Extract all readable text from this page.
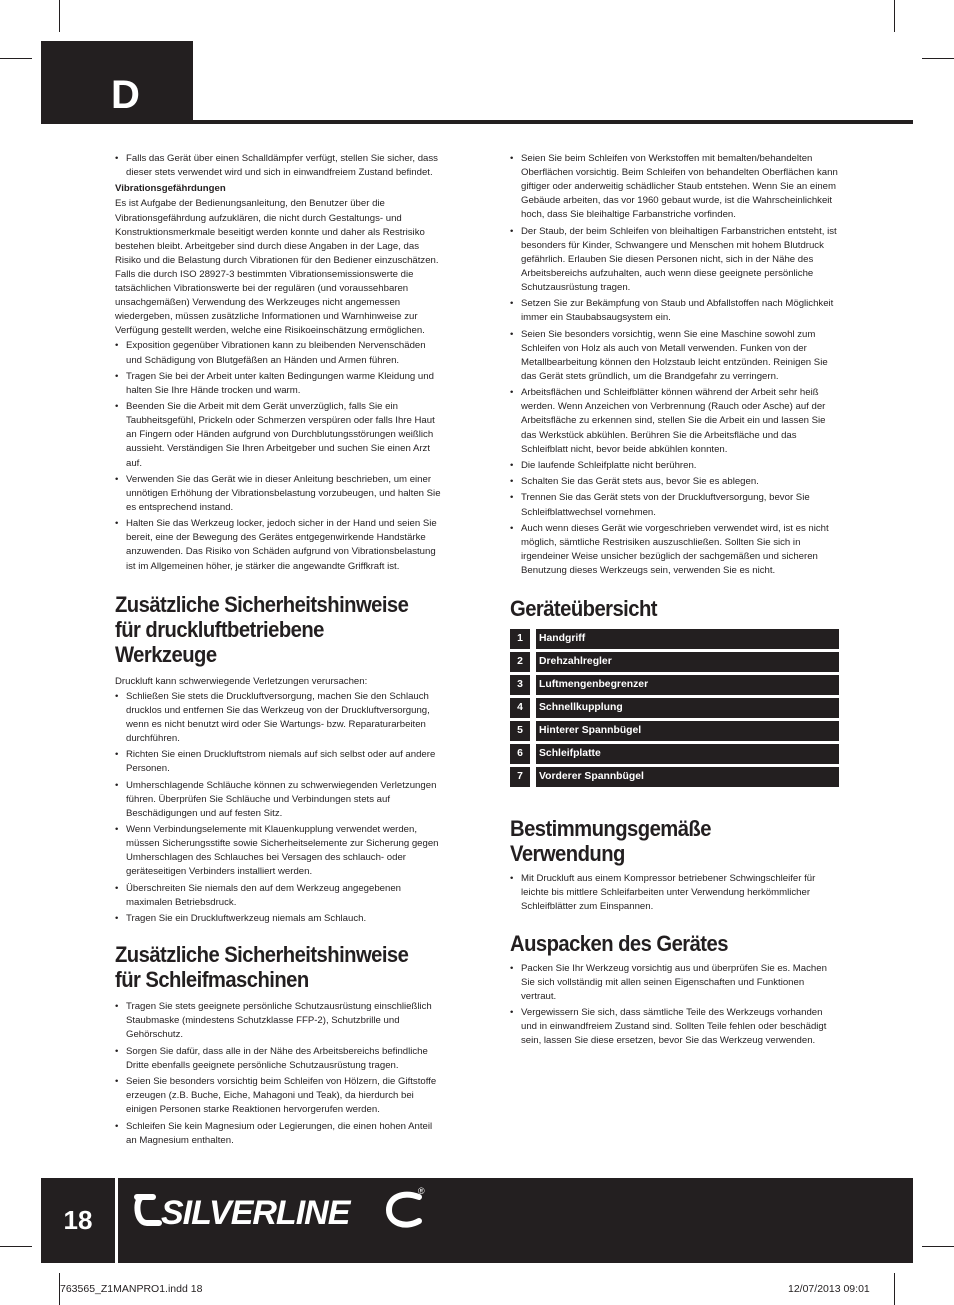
D
• Falls das Gerät über einen Schalldämpfer verfügt, stellen Sie sicher, dass dieser stets verwendet wird und sich in einwandfreiem Zustand befindet.

Vibrationsgefährdungen

Es ist Aufgabe der Bedienungsanleitung, den Benutzer über die Vibrationsgefährdung aufzuklären, die nicht durch Gestaltungs- und Konstruktionsmerkmale beseitigt werden konnte und daher als Restrisiko bestehen bleibt. Arbeitgeber sind durch diese Angaben in der Lage, das Risiko und die Belastung durch Vibrationen für den Bediener einzuschätzen. Falls die durch ISO 28927-3 bestimmten Vibrationsemissionswerte die tatsächlichen Vibrationswerte bei der regulären (und voraussehbaren unsachgemäßen) Verwendung des Werkzeuges nicht angemessen wiedergeben, müssen zusätzliche Informationen und Warnhinweise zur Verfügung gestellt werden, welche eine Risikoeinschätzung ermöglichen.

• Exposition gegenüber Vibrationen kann zu bleibenden Nervenschäden und Schädigung von Blutgefäßen an Händen und Armen führen.
• Tragen Sie bei der Arbeit unter kalten Bedingungen warme Kleidung und halten Sie Ihre Hände trocken und warm.
• Beenden Sie die Arbeit mit dem Gerät unverzüglich, falls Sie ein Taubheitsgefühl, Prickeln oder Schmerzen verspüren oder falls Ihre Haut an Fingern oder Händen aufgrund von Durchblutungsstörungen weißlich aussieht. Verständigen Sie Ihren Arbeitgeber und suchen Sie einen Arzt auf.
• Verwenden Sie das Gerät wie in dieser Anleitung beschrieben, um einer unnötigen Erhöhung der Vibrationsbelastung vorzubeugen, und halten Sie es entsprechend instand.
• Halten Sie das Werkzeug locker, jedoch sicher in der Hand und seien Sie bereit, eine der Bewegung des Gerätes entgegenwirkende Handstärke anzuwenden. Das Risiko von Schäden aufgrund von Vibrationsbelastung ist im Allgemeinen höher, je stärker die angewandte Griffkraft ist.
Zusätzliche Sicherheitshinweise für druckluftbetriebene Werkzeuge

Druckluft kann schwerwiegende Verletzungen verursachen:

• Schließen Sie stets die Druckluftversorgung, machen Sie den Schlauch drucklos und entfernen Sie das Werkzeug von der Druckluftversorgung, wenn es nicht benutzt wird oder Sie Wartungs- bzw. Reparaturarbeiten durchführen.
• Richten Sie einen Druckluftstrom niemals auf sich selbst oder auf andere Personen.
• Umherschlagende Schläuche können zu schwerwiegenden Verletzungen führen. Überprüfen Sie Schläuche und Verbindungen stets auf Beschädigungen und auf festen Sitz.
• Wenn Verbindungselemente mit Klauenkupplung verwendet werden, müssen Sicherungsstifte sowie Sicherheitselemente zur Sicherung gegen Umherschlagen des Schlauches bei Versagen des schlauch- oder geräteseitigen Verbinders installiert werden.
• Überschreiten Sie niemals den auf dem Werkzeug angegebenen maximalen Betriebsdruck.
• Tragen Sie ein Druckluftwerkzeug niemals am Schlauch.
Zusätzliche Sicherheitshinweise für Schleifmaschinen
• Tragen Sie stets geeignete persönliche Schutzausrüstung einschließlich Staubmaske (mindestens Schutzklasse FFP-2), Schutzbrille und Gehörschutz.
• Sorgen Sie dafür, dass alle in der Nähe des Arbeitsbereichs befindliche Dritte ebenfalls geeignete persönliche Schutzausrüstung tragen.
• Seien Sie besonders vorsichtig beim Schleifen von Hölzern, die Giftstoffe erzeugen (z.B. Buche, Eiche, Mahagoni und Teak), da hierdurch bei einigen Personen starke Reaktionen hervorgerufen werden.
• Schleifen Sie kein Magnesium oder Legierungen, die einen hohen Anteil an Magnesium enthalten.
• Seien Sie beim Schleifen von Werkstoffen mit bemalten/behandelten Oberflächen vorsichtig. Beim Schleifen von behandelten Oberflächen kann giftiger oder anderweitig schädlicher Staub entstehen. Wenn Sie an einem Gebäude arbeiten, das vor 1960 gebaut wurde, ist die Wahrscheinlichkeit hoch, dass Sie bleihaltige Farbanstriche vorfinden.
• Der Staub, der beim Schleifen von bleihaltigen Farbanstrichen entsteht, ist besonders für Kinder, Schwangere und Menschen mit hohem Blutdruck gefährlich. Erlauben Sie diesen Personen nicht, sich in der Nähe des Arbeitsbereichs aufzuhalten, auch wenn diese geeignete persönliche Schutzausrüstung tragen.
• Setzen Sie zur Bekämpfung von Staub und Abfallstoffen nach Möglichkeit immer ein Staubabsaugsystem ein.
• Seien Sie besonders vorsichtig, wenn Sie eine Maschine sowohl zum Schleifen von Holz als auch von Metall verwenden. Funken von der Metallbearbeitung können den Holzstaub leicht entzünden. Reinigen Sie das Gerät stets gründlich, um die Brandgefahr zu verringern.
• Arbeitsflächen und Schleifblätter können während der Arbeit sehr heiß werden. Wenn Anzeichen von Verbrennung (Rauch oder Asche) auf der Arbeitsfläche zu erkennen sind, stellen Sie die Arbeit ein und lassen Sie das Werkstück abkühlen. Berühren Sie die Arbeitsfläche und das Schleifblatt nicht, bevor beide abkühlen konnten.
• Die laufende Schleifplatte nicht berühren.
• Schalten Sie das Gerät stets aus, bevor Sie es ablegen.
• Trennen Sie das Gerät stets von der Druckluftversorgung, bevor Sie Schleifblattwechsel vornehmen.
• Auch wenn dieses Gerät wie vorgeschrieben verwendet wird, ist es nicht möglich, sämtliche Restrisiken auszuschließen. Sollten Sie sich in irgendeiner Weise unsicher bezüglich der sachgemäßen und sicheren Benutzung dieses Werkzeugs sein, verwenden Sie es nicht.
Geräteübersicht
1		Handgriff
2		Drehzahlregler
3		Luftmengenbegrenzer
4		Schnellkupplung
5		Hinterer Spannbügel
6		Schleifplatte
7		Vorderer Spannbügel
Bestimmungsgemäße Verwendung
• Mit Druckluft aus einem Kompressor betriebener Schwingschleifer für leichte bis mittlere Schleifarbeiten unter Verwendung herkömmlicher Schleifblätter zum Einspannen.
Auspacken des Gerätes
• Packen Sie Ihr Werkzeug vorsichtig aus und überprüfen Sie es. Machen Sie sich vollständig mit allen seinen Eigenschaften und Funktionen vertraut.
• Vergewissern Sie sich, dass sämtliche Teile des Werkzeugs vorhanden und in einwandfreiem Zustand sind. Sollten Teile fehlen oder beschädigt sein, lassen Sie diese ersetzen, bevor Sie das Werkzeug verwenden.
18	SILVERLINE
®
763565_Z1MANPRO1.indd 18	12/07/2013 09:01
